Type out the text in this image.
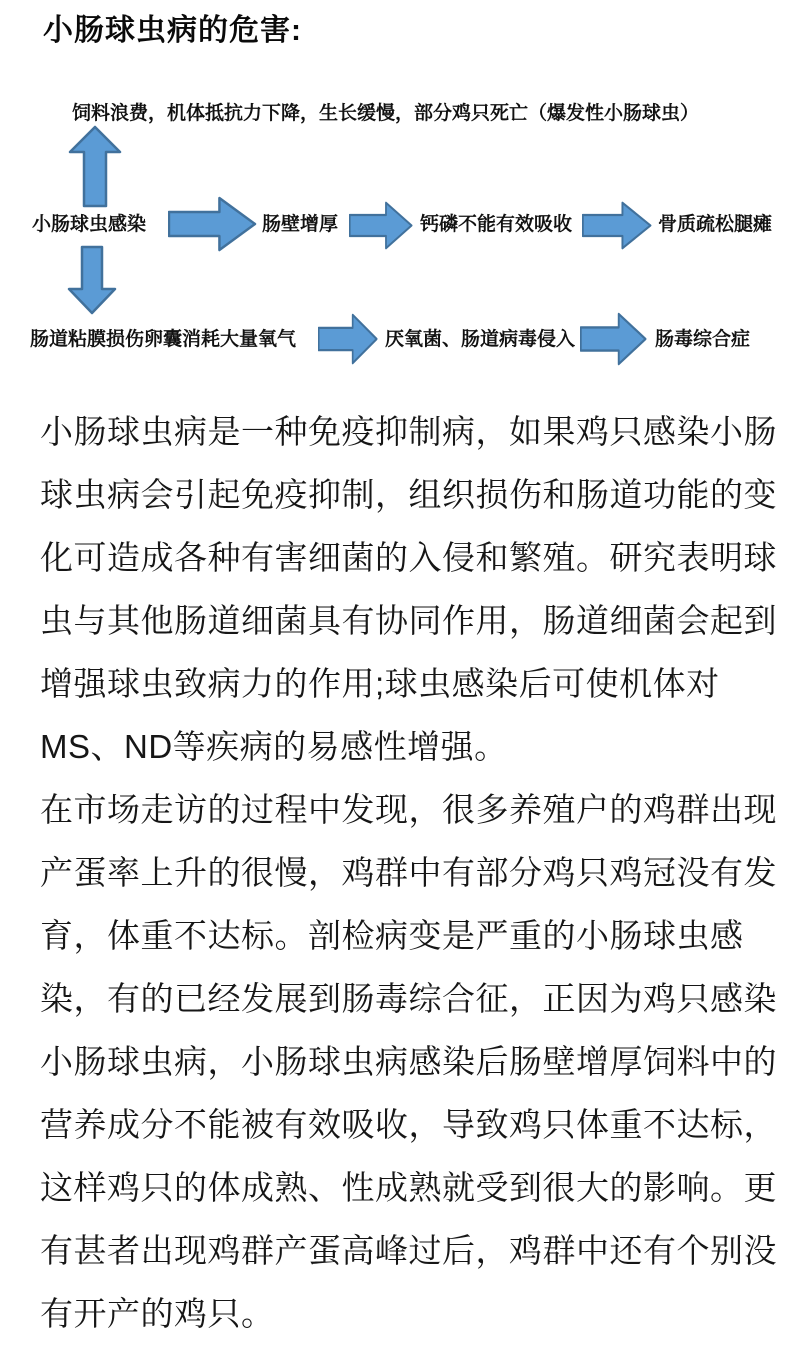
小肠球虫病的危害:
饲料浪费，机体抵抗力下降，生长缓慢，部分鸡只死亡（爆发性小肠球虫）
小肠球虫感染	肠壁增厚	钙磷不能有效吸收	骨质疏松腿瘫
肠道粘膜损伤卵囊消耗大量氧气	厌氧菌、肠道病毒侵入	肠毒综合症
小肠球虫病是一种免疫抑制病，如果鸡只感染小肠
球虫病会引起免疫抑制，组织损伤和肠道功能的变
化可造成各种有害细菌的入侵和繁殖。研究表明球
虫与其他肠道细菌具有协同作用，肠道细菌会起到
增强球虫致病力的作用;球虫感染后可使机体对
MS、ND等疾病的易感性增强。
在市场走访的过程中发现，很多养殖户的鸡群出现
产蛋率上升的很慢，鸡群中有部分鸡只鸡冠没有发
育，体重不达标。剖检病变是严重的小肠球虫感
染，有的已经发展到肠毒综合征，正因为鸡只感染
小肠球虫病，小肠球虫病感染后肠壁增厚饲料中的
营养成分不能被有效吸收，导致鸡只体重不达标，
这样鸡只的体成熟、性成熟就受到很大的影响。更
有甚者出现鸡群产蛋高峰过后，鸡群中还有个别没
有开产的鸡只。
